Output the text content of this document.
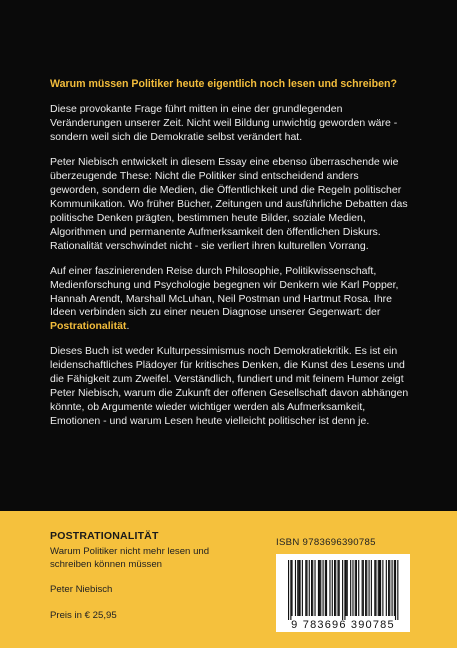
Warum müssen Politiker heute eigentlich noch lesen und schreiben?

Diese provokante Frage führt mitten in eine der grundlegenden Veränderungen unserer Zeit. Nicht weil Bildung unwichtig geworden wäre - sondern weil sich die Demokratie selbst verändert hat.

Peter Niebisch entwickelt in diesem Essay eine ebenso überraschende wie überzeugende These: Nicht die Politiker sind entscheidend anders geworden, sondern die Medien, die Öffentlichkeit und die Regeln politischer Kommunikation. Wo früher Bücher, Zeitungen und ausführliche Debatten das politische Denken prägten, bestimmen heute Bilder, soziale Medien, Algorithmen und permanente Aufmerksamkeit den öffentlichen Diskurs. Rationalität verschwindet nicht - sie verliert ihren kulturellen Vorrang.

Auf einer faszinierenden Reise durch Philosophie, Politikwissenschaft, Medienforschung und Psychologie begegnen wir Denkern wie Karl Popper, Hannah Arendt, Marshall McLuhan, Neil Postman und Hartmut Rosa. Ihre Ideen verbinden sich zu einer neuen Diagnose unserer Gegenwart: der Postrationalität.

Dieses Buch ist weder Kulturpessimismus noch Demokratiekritik. Es ist ein leidenschaftliches Plädoyer für kritisches Denken, die Kunst des Lesens und die Fähigkeit zum Zweifel. Verständlich, fundiert und mit feinem Humor zeigt Peter Niebisch, warum die Zukunft der offenen Gesellschaft davon abhängen könnte, ob Argumente wieder wichtiger werden als Aufmerksamkeit, Emotionen - und warum Lesen heute vielleicht politischer ist denn je.

POSTRATIONALITÄT
Warum Politiker nicht mehr lesen und schreiben können müssen
Peter Niebisch
Preis in € 25,95
ISBN 9783696390785
9 783696 390785
